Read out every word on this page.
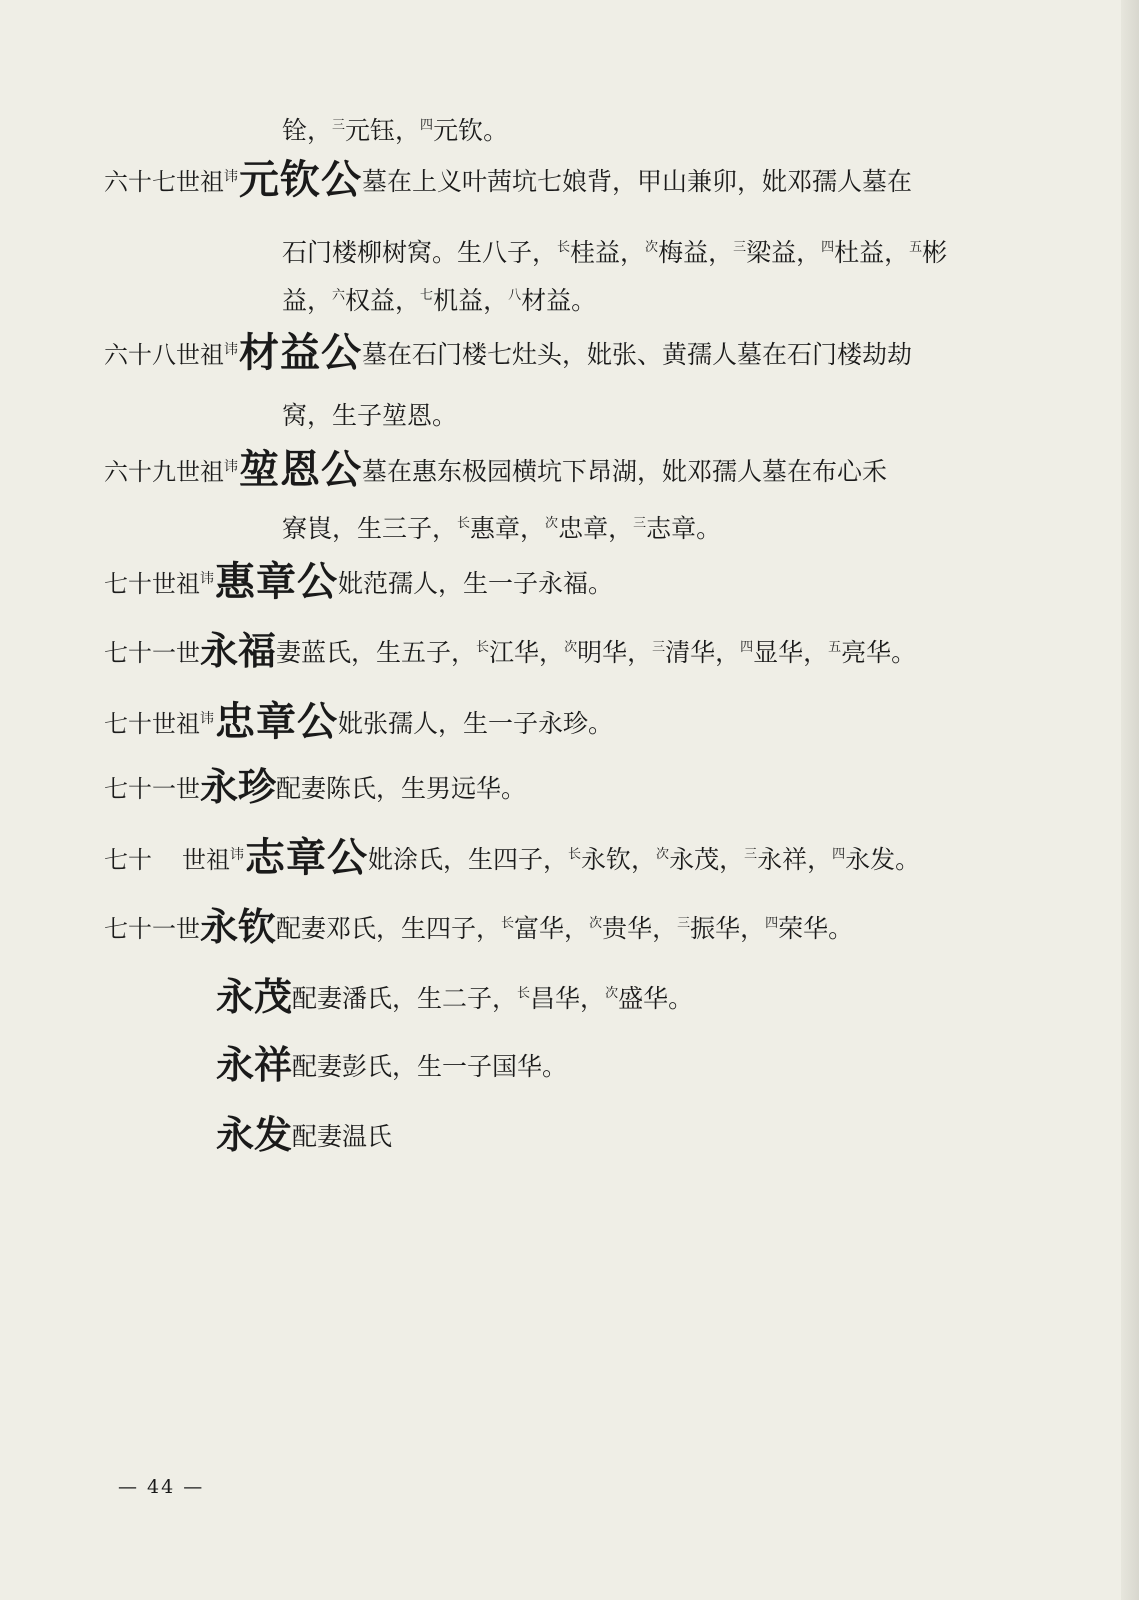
铨，$^三$元钰，$^四$元钦。
六十七世祖$^讳$元钦公墓在上义叶茜坑七娘背，甲山兼卯，妣邓孺人墓在
石门楼柳树窝。生八子，$^长$桂益，$^次$梅益，$^三$梁益，$^四$杜益，$^五$彬
益，$^六$权益，$^七$机益，$^八$材益。
六十八世祖$^讳$材益公墓在石门楼七灶头，妣张、黄孺人墓在石门楼劫劫
窝，生子堃恩。
六十九世祖$^讳$堃恩公墓在惠东极园横坑下昂湖，妣邓孺人墓在布心禾
寮崀，生三子，$^长$惠章，$^次$忠章，$^三$志章。
七十世祖$^讳$惠章公妣范孺人，生一子永福。
七十一世永福妻蓝氏，生五子，$^长$江华，$^次$明华，$^三$清华，$^四$显华，$^五$亮华。
七十世祖$^讳$忠章公妣张孺人，生一子永珍。
七十一世永珍配妻陈氏，生男远华。
七十 世祖$^讳$志章公妣涂氏，生四子，$^长$永钦，$^次$永茂，$^三$永祥，$^四$永发。
七十一世永钦配妻邓氏，生四子，$^长$富华，$^次$贵华，$^三$振华，$^四$荣华。
永茂配妻潘氏，生二子，$^长$昌华，$^次$盛华。
永祥配妻彭氏，生一子国华。
永发配妻温氏
— 44 —
